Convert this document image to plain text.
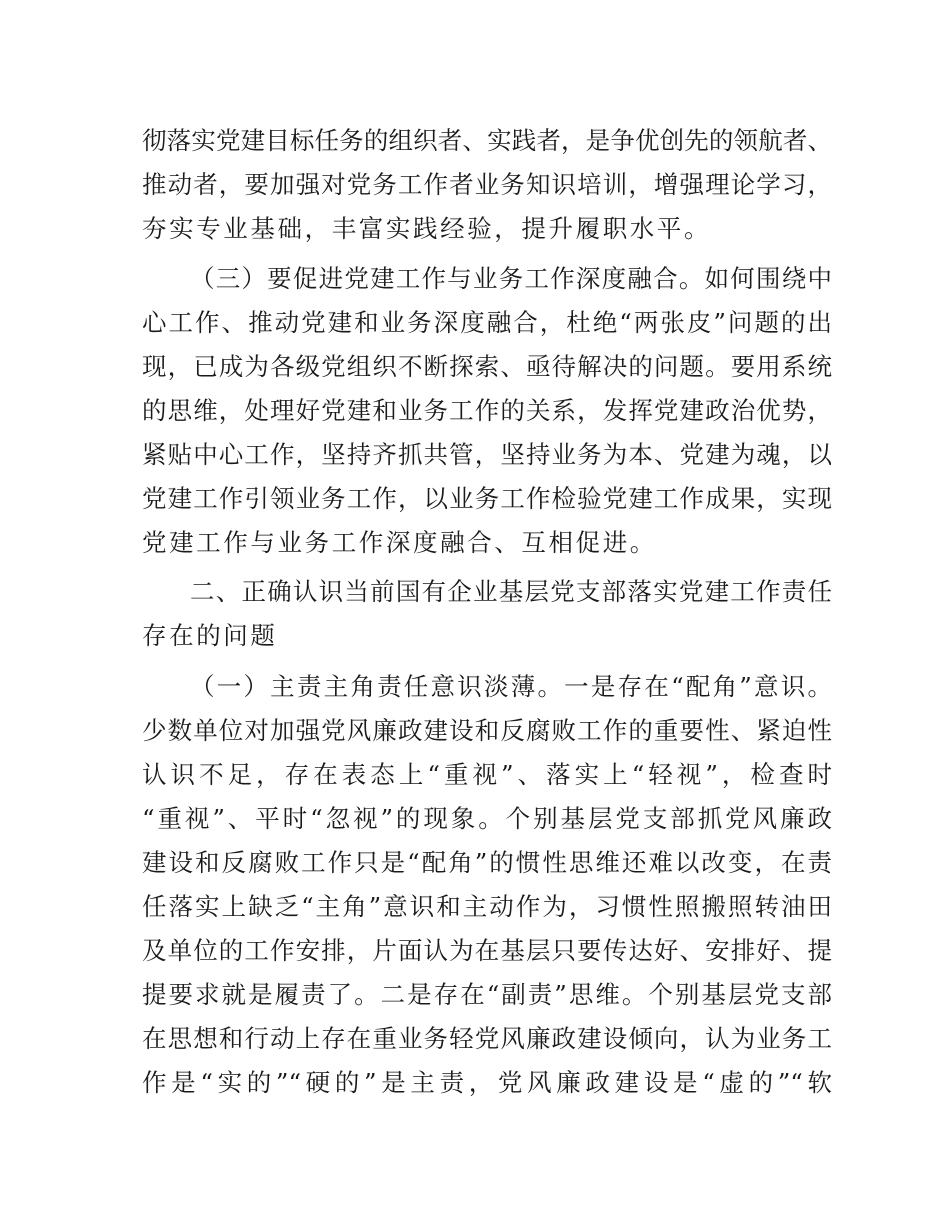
彻落实党建目标任务的组织者、实践者，是争优创先的领航者、
推动者，要加强对党务工作者业务知识培训，增强理论学习，
夯实专业基础，丰富实践经验，提升履职水平。
（三）要促进党建工作与业务工作深度融合。如何围绕中
心工作、推动党建和业务深度融合，杜绝“两张皮”问题的出
现，已成为各级党组织不断探索、亟待解决的问题。要用系统
的思维，处理好党建和业务工作的关系，发挥党建政治优势，
紧贴中心工作，坚持齐抓共管，坚持业务为本、党建为魂，以
党建工作引领业务工作，以业务工作检验党建工作成果，实现
党建工作与业务工作深度融合、互相促进。
二、正确认识当前国有企业基层党支部落实党建工作责任
存在的问题
（一）主责主角责任意识淡薄。一是存在“配角”意识。
少数单位对加强党风廉政建设和反腐败工作的重要性、紧迫性
认识不足，存在表态上“重视”、落实上“轻视”，检查时
“重视”、平时“忽视”的现象。个别基层党支部抓党风廉政
建设和反腐败工作只是“配角”的惯性思维还难以改变，在责
任落实上缺乏“主角”意识和主动作为，习惯性照搬照转油田
及单位的工作安排，片面认为在基层只要传达好、安排好、提
提要求就是履责了。二是存在“副责”思维。个别基层党支部
在思想和行动上存在重业务轻党风廉政建设倾向，认为业务工
作是“实的”“硬的”是主责，党风廉政建设是“虚的”“软
